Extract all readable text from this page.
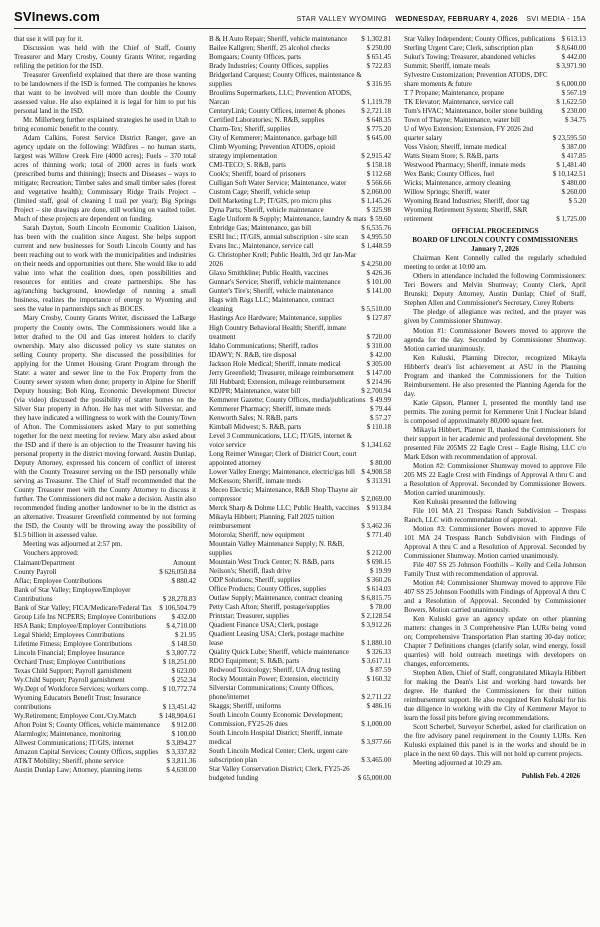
SVInews.com	STAR VALLEY WYOMING WEDNESDAY, FEBRUARY 4, 2026 SVI MEDIA - 15A

that use it will pay for it.

Discussion was held with the Chief of Staff, County Treasurer and Mary Crosby, County Grants Writer, regarding refiling the petition for the ISD.

Treasurer Greenfield explained that there are those wanting to be landowners if the ISD is formed. The companies he knows that want to be involved will more than double the County assessed value. He also explained it is legal for him to put his personal land in the ISD.

Mr. Millerberg further explained strategies he used in Utah to bring economic benefit to the county.

Adam Calkins, Forest Service District Ranger, gave an agency update on the following: Wildfires – no human starts, largest was Willow Creek Fire (4000 acres); Fuels – 370 total acres of thinning work; total of 2000 acres in fuels work (prescribed burns and thinning); Insects and Diseases – ways to mitigate; Recreation; Timber sales and small timber sales (forest and vegetative health); Commissary Ridge Trails Project – (limited staff, goal of cleaning 1 trail per year); Big Springs Project – site drawings are done, still working on vaulted toilet. Much of these projects are dependent on funding.

Sarah Dayton, South Lincoln Economic Coalition Liaison, has been with the coalition since August. She helps support current and new businesses for South Lincoln County and has been reaching out to work with the municipalities and industries on their needs and opportunities out there. She would like to add value into what the coalition does, open possibilities and resources for entities and create partnerships. She has ag/ranching background, knowledge of running a small business, realizes the importance of energy to Wyoming and sees the value in partnerships such as BOCES.

Mary Crosby, County Grants Writer, discussed the LaBarge property the County owns. The Commissioners would like a letter drafted to the Oil and Gas interest holders to clarify ownership. Mary also discussed policy vs state statutes on selling County property. She discussed the possibilities for applying for the Unmet Housing Grant Program through the State: a water and sewer line to the Fox Property from the County sewer system when done; property in Alpine for Sheriff Deputy housing; Bob King, Economic Development Director (via video) discussed the possibility of starter homes on the Silver Star property in Afton. He has met with Silverstar, and they have indicated a willingness to work with the County/Town of Afton. The Commissioners asked Mary to put something together for the next meeting for review. Mary also asked about the ISD and if there is an objection to the Treasurer having his personal property in the district moving forward. Austin Dunlap, Deputy Attorney, expressed his concern of conflict of interest with the County Treasurer serving on the ISD personally while serving as Treasurer. The Chief of Staff recommended that the County Treasurer meet with the County Attorney to discuss it further. The Commissioners did not make a decision. Austin also recommended finding another landowner to be in the district as an alternative. Treasurer Greenfield commented by not forming the ISD, the County will be throwing away the possibility of $1.5 billion in assessed value.

Meeting was adjourned at 2:57 pm.

Vouchers approved:

Claimant/Department	Amount
County Payroll	$ 626,050.84
Aflac; Employee Contributions	$ 880.42
Bank of Star Valley; Employee/Employer Contributions	$ 28,278.83
Bank of Star Valley; FICA/Medicare/Federal Tax	$ 106,504.79
Group Life Ins NCPERS; Employee Contributions	$ 432.00
HSA Bank; Employee/Employer Contributions	$ 4,710.00
Legal Shield; Employees Contributions	$ 21.95
Lifetime Fitness; Employee Contributions	$ 148.50
Lincoln Financial; Employee Insurance	$ 3,807.72
Orchard Trust; Employee Contributions	$ 18,251.00
Texas Child Support; Payroll garnishment	$ 623.00
Wy.Child Support; Payroll garnishment	$ 252.34
Wy.Dept of Workforce Services; workers comp.	$ 10,772.74
Wyoming Educators Benefit Trust; Insurance contributions	$ 13,451.42
Wy.Retirement; Employee Cont./Cty.Match	$ 148,904.61
Afton Point S; County Offices, vehicle maintenance	$ 912.00
Alarmlogix; Maintenance, monitoring	$ 100.00
Allwest Communications; IT/GIS, internet	$ 3,894.27
Amazon Capital Services; County Offices, supplies	$ 3,337.82
AT&T Mobility; Sheriff, phone service	$ 3,811.36
Austin Dunlap Law; Attorney, planning items	$ 4,630.00
B & H Auto Repair; Sheriff, vehicle maintenance	$ 1,302.81
Bailee Kallgren; Sheriff, 25 alcohol checks	$ 250.00
Bomgaars; County Offices, parts	$ 651.45
Brady Industries; County Offices, supplies	$ 722.83
Bridgerland Carquest; County Offices, maintenance & supplies	$ 316.95
Broulims Supermarkets, LLC; Prevention ATODS, Narcan	$ 1,119.78
CenturyLink; County Offices, internet & phones	$ 2,721.18
Certified Laboratories; N. R&B, supplies	$ 648.35
Charm-Tex; Sheriff, supplies	$ 775.20
City of Kemmerer; Maintenance, garbage bill	$ 645.00
Climb Wyoming; Prevention ATODS, opioid strategy implementation	$ 2,915.42
CMI-TECO; S. R&B, parts	$ 158.18
Cook's; Sheriff, board of prisoners	$ 112.68
Culligan Soft Water Service; Maintenance, water	$ 566.66
Custom Cage; Sheriff, vehicle setup	$ 2,060.00
Dell Marketing L.P; IT/GIS, pro micro plus	$ 1,145.26
Dyna Parts; Sheriff, vehicle maintenance	$ 325.98
Eagle Uniform & Supply; Maintenance, laundry & mats $ 59.60
Enbridge Gas; Maintenance, gas bill	$ 6,535.76
ESRI Inc.; IT/GIS, annual subscription - site scan	$ 4,995.50
Evans Inc.; Maintenance, service call	$ 1,448.59
G. Christopher Krell; Public Health, 3rd qtr Jan-Mar 2026	$ 4,250.00
Glaxo Smithkline; Public Health, vaccines	$ 426.36
Gunnar's Service; Sheriff, vehicle maintenance	$ 101.00
Gunter's Tire's; Sheriff, vehicle maintenance	$ 141.00
Hags with Rags LLC; Maintenance, contract cleaning	$ 5,510.00
Hastings Ace Hardware; Maintenance, supplies	$ 127.87
High Country Behavioral Health; Sheriff, inmate treatment	$ 720.00
Idaho Communications; Sheriff, radios	$ 310.00
IDAWY; N. R&B, tire disposal	$ 42.00
Jackson Hole Medical; Sheriff, inmate medical	$ 305.00
Jerry Greenfield; Treasurer, mileage reimbursement	$ 147.00
Jill Hubbard; Extension, mileage reimbursement	$ 214.96
KDJPR; Maintenance, water bill	$ 2,700.94
Kemmerer Gazette; County Offices, media/publications $ 49.99
Kemmerer Pharmacy; Sheriff, inmate meds	$ 79.44
Kenworth Sales; N. R&B, parts	$ 57.27
Kimball Midwest; S. R&B, parts	$ 110.18
Level 3 Communications, LLC; IT/GIS, internet & voice service	$ 1,341.62
Long Reimer Winegar; Clerk of District Court, court appointed attorney	$ 80.00
Lower Valley Energy; Maintenance, electric/gas bill $ 4,908.58
McKesson; Sheriff, inmate meds	$ 313.91
Meceo Electric; Maintenance, R&B Shop Thayne air compressor	$ 2,069.00
Merck Sharp & Dohme LLC; Public Health, vaccines	$ 913.84
Mikayla Hibbert; Planning, Fall 2025 tuition reimbursement	$ 3,462.36
Motorola; Sheriff, new equipment	$ 771.40
Mountain Valley Maintenance Supply; N. R&B, supplies	$ 212.00
Mountain West Truck Center; N. R&B, parts	$ 698.15
Neilson's; Sheriff, flash drive	$ 19.99
ODP Solutions; Sheriff, supplies	$ 360.26
Office Products; County Offices, supplies	$ 614.03
Outlaw Supply; Maintenance, contract cleaning	$ 6,815.75
Petty Cash Afton; Sheriff, postage/supplies	$ 78.00
Printstar; Treasurer, supplies	$ 2,128.54
Quadient Finance USA; Clerk, postage	$ 3,912.26
Quadient Leasing USA; Clerk, postage machine lease	$ 1,880.10
Quality Quick Lube; Sheriff, vehicle maintenance	$ 326.33
RDO Equipment; S. R&B, parts	$ 3,617.11
Redwood Toxicology; Sheriff, UA drug testing	$ 87.59
Rocky Mountain Power; Extension, electricity	$ 160.32
Silverstar Communications; County Offices, phone/internet	$ 2,711.22
Skaggs; Sheriff, uniforms	$ 486.16
South Lincoln County Economic Development; Commission, FY25-26 dues	$ 1,000.00
South Lincoln Hospital District; Sheriff, inmate medical	$ 3,977.66
South Lincoln Medical Center; Clerk, urgent care subscription plan	$ 3,465.00
Star Valley Conservation District; Clerk, FY25-26 budgeted funding	$ 65,000.00
Star Valley Independent; County Offices, publications $ 613.13
Sterling Urgent Care; Clerk, subscription plan	$ 8,640.00
Sukut's Towing; Treasurer, abandoned vehicles	$ 442.00
Summit; Sheriff, inmate meals	$ 3,971.90
Sylvestre Customization; Prevention ATODS, DFC share moments & future	$ 6,000.00
T 7 Propane; Maintenance, propane	$ 567.19
TK Elevator; Maintenance, service call	$ 1,622.50
Tom's HVAC; Maintenance, boiler stone building	$ 230.00
Town of Thayne; Maintenance, water bill	$ 34.75
U of Wyo Extension; Extension, FY 2026 2nd quarter salary	$ 23,595.50
Voss Vision; Sheriff, inmate medical	$ 387.00
Watts Steam Store; S. R&B, parts	$ 417.85
Westwood Pharmacy; Sheriff, inmate meds	$ 1,481.40
Wex Bank; County Offices, fuel	$ 10,142.51
Wicks; Maintenance, armory cleaning	$ 480.00
Willow Springs; Sheriff, water	$ 260.00
Wyoming Brand Industries; Sheriff, door tag	$ 5.20
Wyoming Retirement System; Sheriff, S&R retirement	$ 1,725.00

OFFICIAL PROCEEDINGS

BOARD OF LINCOLN COUNTY COMMISSIONERS

January 7, 2026

Chairman Kent Connelly called the regularly scheduled meeting to order at 10:00 am.

Others in attendance included the following Commissioners: Teri Bowers and Melvin Shumway; County Clerk, April Brunski; Deputy Attorney, Austin Dunlap; Chief of Staff, Stephen Allen and Commissioner's Secretary, Corey Roberts

The pledge of allegiance was recited, and the prayer was given by Commissioner Shumway.

Motion #1: Commissioner Bowers moved to approve the agenda for the day. Seconded by Commissioner Shumway. Motion carried unanimously.

Ken Kuluski, Planning Director, recognized Mikayla Hibbert's dean's list achievement at ASU in the Planning Program and thanked the Commissioners for the Tuition Reimbursement. He also presented the Planning Agenda for the day.

Katie Gipson, Planner I, presented the monthly land use permits. The zoning permit for Kemmerer Unit I Nuclear Island is composed of approximately 80,000 square feet.

Mikayla Hibbert, Planner II, thanked the Commissioners for their support in her academic and professional development. She presented File 205MS 22 Eagle Crest – Eagle Rising, LLC c/o Mark Edson with recommendation of approval.

Motion #2: Commissioner Shumway moved to approve File 205 MS 22 Eagle Crest with Findings of Approval A thru C and a Resolution of Approval. Seconded by Commissioner Bowers. Motion carried unanimously.

Ken Kuluski presented the following

File 101 MA 21 Trespass Ranch Subdivision – Trespass Ranch, LLC with recommendation of approval.

Motion #3: Commissioner Bowers moved to approve File 101 MA 24 Trespass Ranch Subdivision with Findings of Approval A thru C and a Resolution of Approval. Seconded by Commissioner Shumway. Motion carried unanimously.

File 407 SS 25 Johnson Foothills – Kelly and Ceila Johnson Family Trust with recommendation of approval.

Motion #4: Commissioner Shumway moved to approve File 407 SS 25 Johnson Foothills with Findings of Approval A thru C and a Resolution of Approval. Seconded by Commissioner Bowers. Motion carried unanimously.

Ken Kuluski gave an agency update on other planning matters: changes in 3 Comprehensive Plan LURs being voted on; Comprehensive Transportation Plan starting 30-day notice; Chapter 7 Definitions changes (clarify solar, wind energy, fossil quarries) will hold outreach meetings with developers on changes, enforcements.

Stephen Allen, Chief of Staff, congratulated Mikayla Hibbert for making the Dean's List and working hard towards her degree. He thanked the Commissioners for their tuition reimbursement support. He also recognized Ken Kuluski for his due diligence in working with the City of Kemmerer Mayor to learn the fossil pits before giving recommendations.

Scott Scherbel, Surveyor Scherbel, asked for clarification on the fire advisory panel requirement in the County LURs. Ken Kuluski explained this panel is in the works and should be in place in the next 60 days. This will not hold up current projects.

Meeting adjourned at 10:29 am.

Publish Feb. 4 2026
